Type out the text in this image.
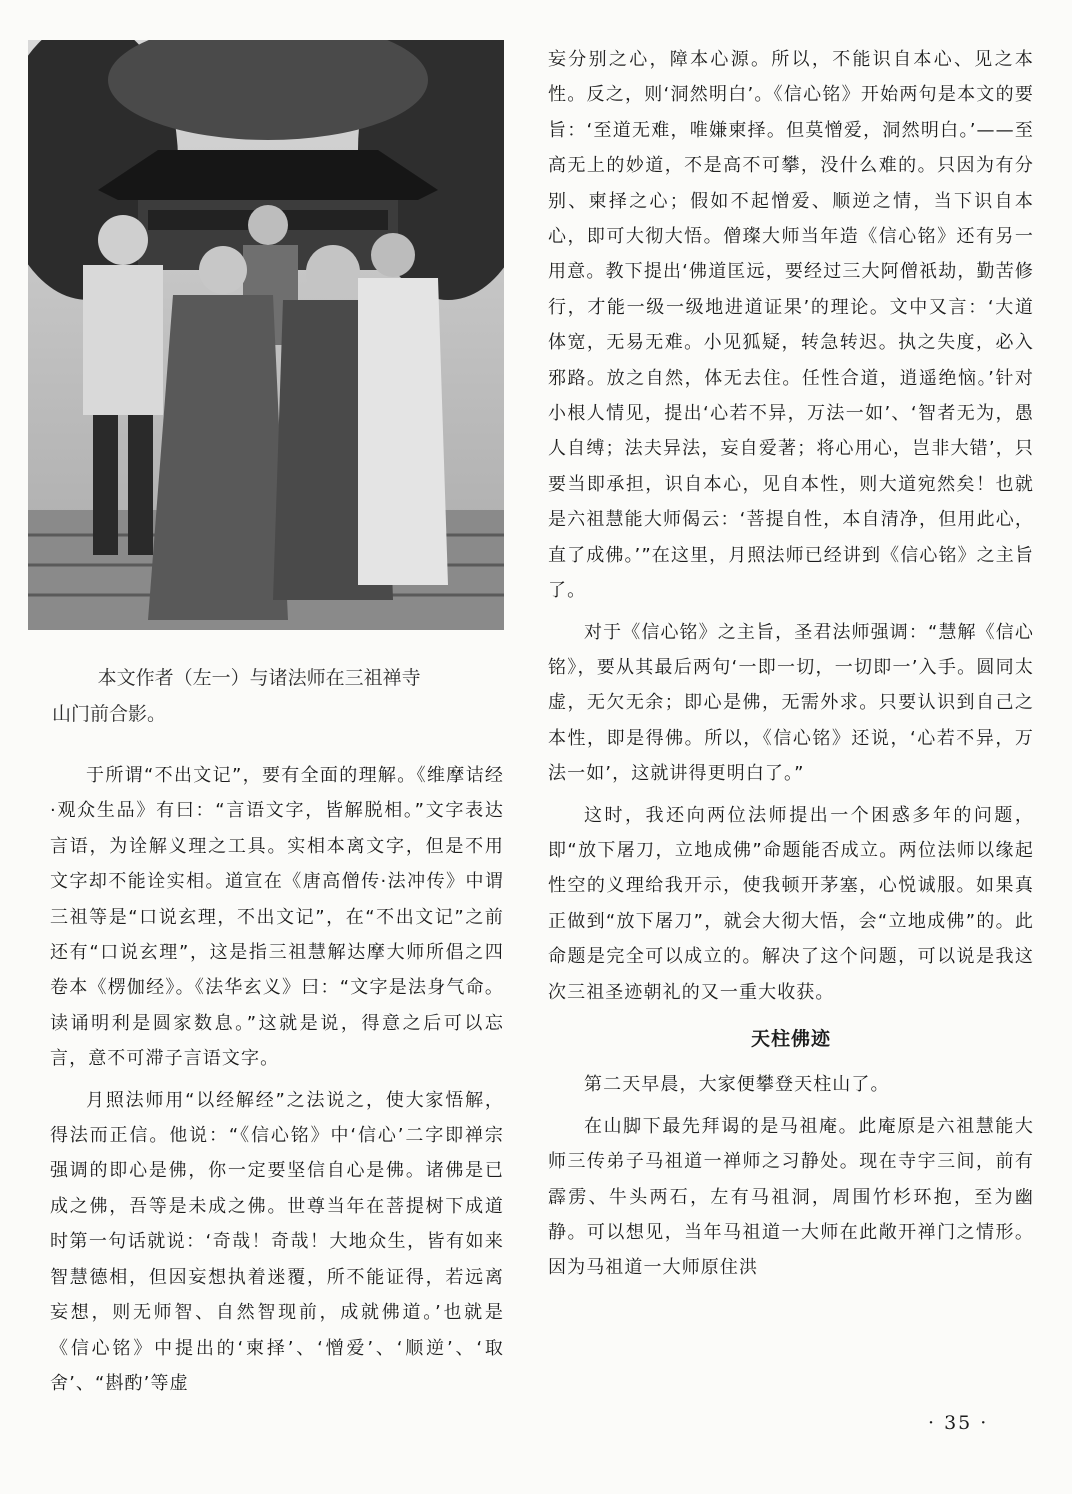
本文作者（左一）与诸法师在三祖禅寺

山门前合影。

于所谓“不出文记”，要有全面的理解。《维摩诘经·观众生品》有曰：“言语文字，皆解脱相。”文字表达言语，为诠解义理之工具。实相本离文字，但是不用文字却不能诠实相。道宣在《唐高僧传·法冲传》中谓三祖等是“口说玄理，不出文记”，在“不出文记”之前还有“口说玄理”，这是指三祖慧解达摩大师所倡之四卷本《楞伽经》。《法华玄义》曰：“文字是法身气命。读诵明利是圆家数息。”这就是说，得意之后可以忘言，意不可滞子言语文字。

月照法师用“以经解经”之法说之，使大家悟解，得法而正信。他说：“《信心铭》中‘信心’二字即禅宗强调的即心是佛，你一定要坚信自心是佛。诸佛是已成之佛，吾等是未成之佛。世尊当年在菩提树下成道时第一句话就说：‘奇哉！奇哉！大地众生，皆有如来智慧德相，但因妄想执着迷覆，所不能证得，若远离妄想，则无师智、自然智现前，成就佛道。’也就是《信心铭》中提出的‘柬择’、‘憎爱’、‘顺逆’、‘取舍’、“斟酌’等虚

妄分别之心，障本心源。所以，不能识自本心、见之本性。反之，则‘洞然明白’。《信心铭》开始两句是本文的要旨：‘至道无难，唯嫌柬择。但莫憎爱，洞然明白。’——至高无上的妙道，不是高不可攀，没什么难的。只因为有分别、柬择之心；假如不起憎爱、顺逆之情，当下识自本心，即可大彻大悟。僧璨大师当年造《信心铭》还有另一用意。教下提出‘佛道匡远，要经过三大阿僧祇劫，勤苦修行，才能一级一级地进道证果’的理论。文中又言：‘大道体宽，无易无难。小见狐疑，转急转迟。执之失度，必入邪路。放之自然，体无去住。任性合道，逍遥绝恼。’针对小根人情见，提出‘心若不异，万法一如’、‘智者无为，愚人自缚；法夫异法，妄自爱著；将心用心，岂非大错’，只要当即承担，识自本心，见自本性，则大道宛然矣！也就是六祖慧能大师偈云：‘菩提自性，本自清净，但用此心，直了成佛。’”在这里，月照法师已经讲到《信心铭》之主旨了。

对于《信心铭》之主旨，圣君法师强调：“慧解《信心铭》，要从其最后两句‘一即一切，一切即一’入手。圆同太虚，无欠无余；即心是佛，无需外求。只要认识到自己之本性，即是得佛。所以，《信心铭》还说，‘心若不异，万法一如’，这就讲得更明白了。”

这时，我还向两位法师提出一个困惑多年的问题，即“放下屠刀，立地成佛”命题能否成立。两位法师以缘起性空的义理给我开示，使我顿开茅塞，心悦诚服。如果真正做到“放下屠刀”，就会大彻大悟，会“立地成佛”的。此命题是完全可以成立的。解决了这个问题，可以说是我这次三祖圣迹朝礼的又一重大收获。

天柱佛迹

第二天早晨，大家便攀登天柱山了。

在山脚下最先拜谒的是马祖庵。此庵原是六祖慧能大师三传弟子马祖道一禅师之习静处。现在寺宇三间，前有霹雳、牛头两石，左有马祖洞，周围竹杉环抱，至为幽静。可以想见，当年马祖道一大师在此敞开禅门之情形。因为马祖道一大师原住洪

· 35 ·
